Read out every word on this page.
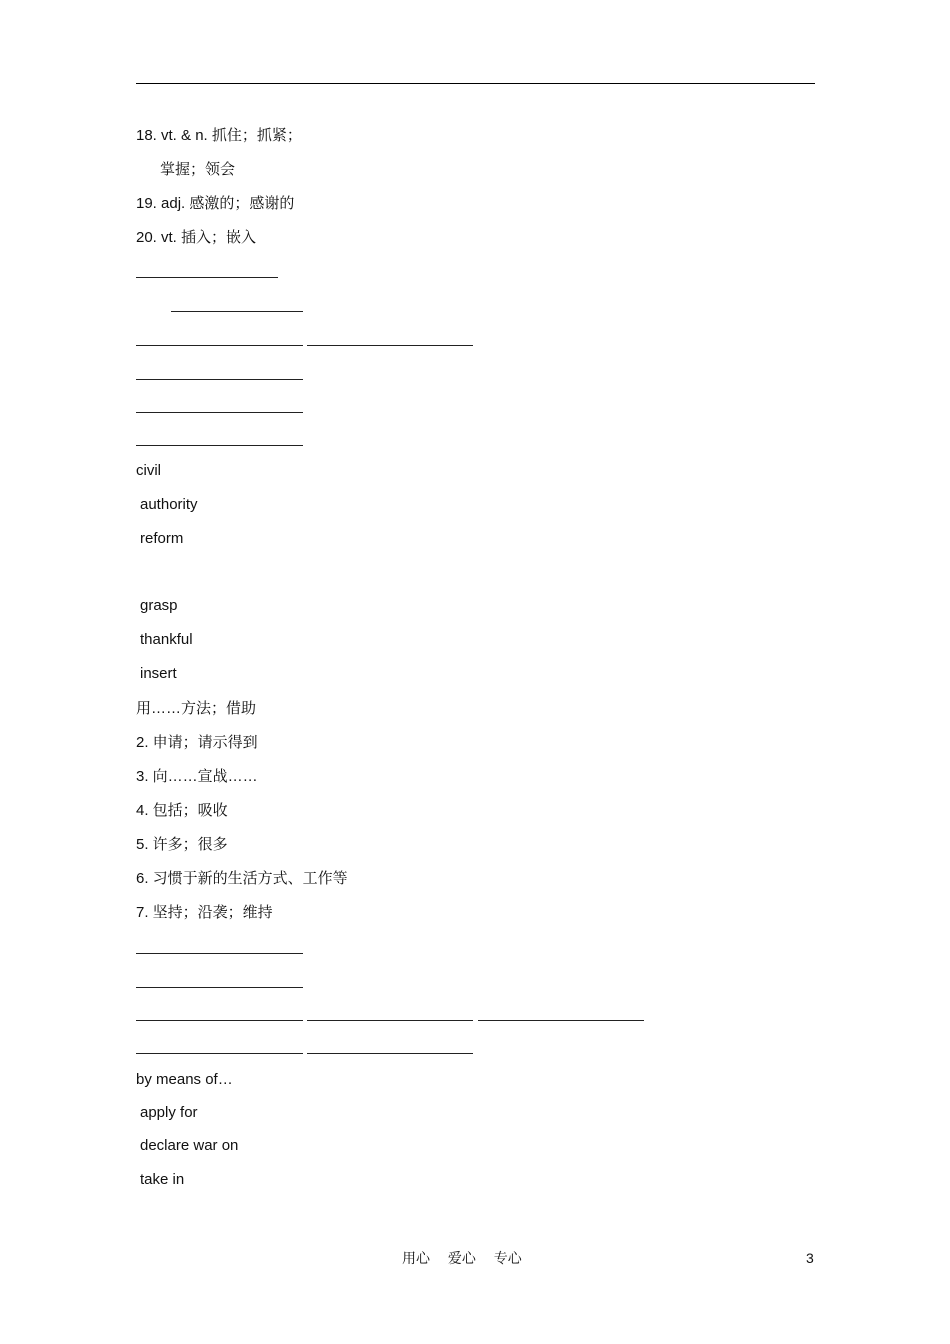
18. vt. & n. 抓住；抓紧；
掌握；领会
19. adj. 感激的；感谢的
20. vt. 插入；嵌入
civil
authority
reform
grasp
thankful
insert
用……方法；借助
2. 申请；请示得到
3. 向……宣战……
4. 包括；吸收
5. 许多；很多
6. 习惯于新的生活方式、工作等
7. 坚持；沿袭；维持
by means of…
apply for
declare war on
take in
用心 爱心 专心	3
